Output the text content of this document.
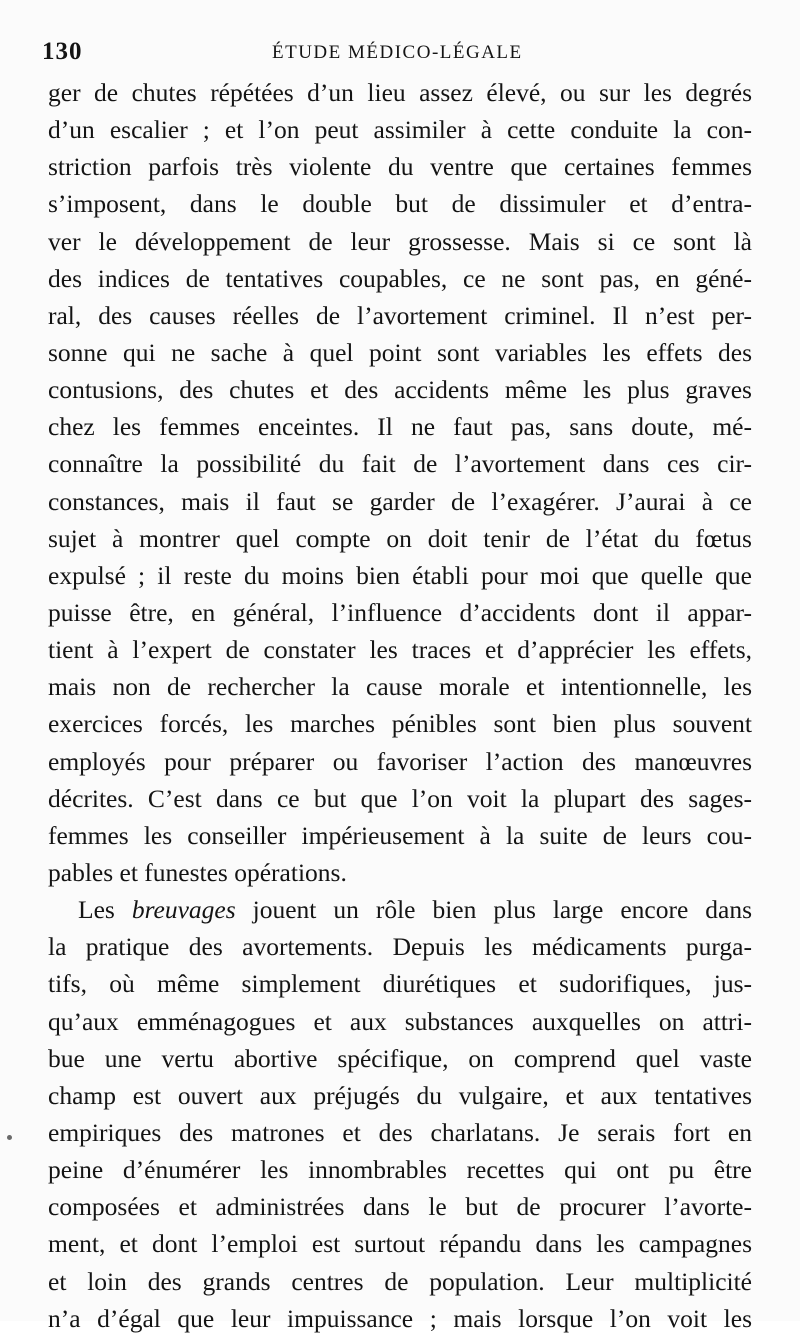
130	ÉTUDE MÉDICO-LÉGALE
ger de chutes répétées d’un lieu assez élevé, ou sur les degrés
d’un escalier ; et l’on peut assimiler à cette conduite la con-
striction parfois très violente du ventre que certaines femmes
s’imposent, dans le double but de dissimuler et d’entra-
ver le développement de leur grossesse. Mais si ce sont là
des indices de tentatives coupables, ce ne sont pas, en géné-
ral, des causes réelles de l’avortement criminel. Il n’est per-
sonne qui ne sache à quel point sont variables les effets des
contusions, des chutes et des accidents même les plus graves
chez les femmes enceintes. Il ne faut pas, sans doute, mé-
connaître la possibilité du fait de l’avortement dans ces cir-
constances, mais il faut se garder de l’exagérer. J’aurai à ce
sujet à montrer quel compte on doit tenir de l’état du fœtus
expulsé ; il reste du moins bien établi pour moi que quelle que
puisse être, en général, l’influence d’accidents dont il appar-
tient à l’expert de constater les traces et d’apprécier les effets,
mais non de rechercher la cause morale et intentionnelle, les
exercices forcés, les marches pénibles sont bien plus souvent
employés pour préparer ou favoriser l’action des manœuvres
décrites. C’est dans ce but que l’on voit la plupart des sages-
femmes les conseiller impérieusement à la suite de leurs cou-
pables et funestes opérations.
Les breuvages jouent un rôle bien plus large encore dans
la pratique des avortements. Depuis les médicaments purga-
tifs, où même simplement diurétiques et sudorifiques, jus-
qu’aux emménagogues et aux substances auxquelles on attri-
bue une vertu abortive spécifique, on comprend quel vaste
champ est ouvert aux préjugés du vulgaire, et aux tentatives
empiriques des matrones et des charlatans. Je serais fort en
peine d’énumérer les innombrables recettes qui ont pu être
composées et administrées dans le but de procurer l’avorte-
ment, et dont l’emploi est surtout répandu dans les campagnes
et loin des grands centres de population. Leur multiplicité
n’a d’égal que leur impuissance ; mais lorsque l’on voit les
